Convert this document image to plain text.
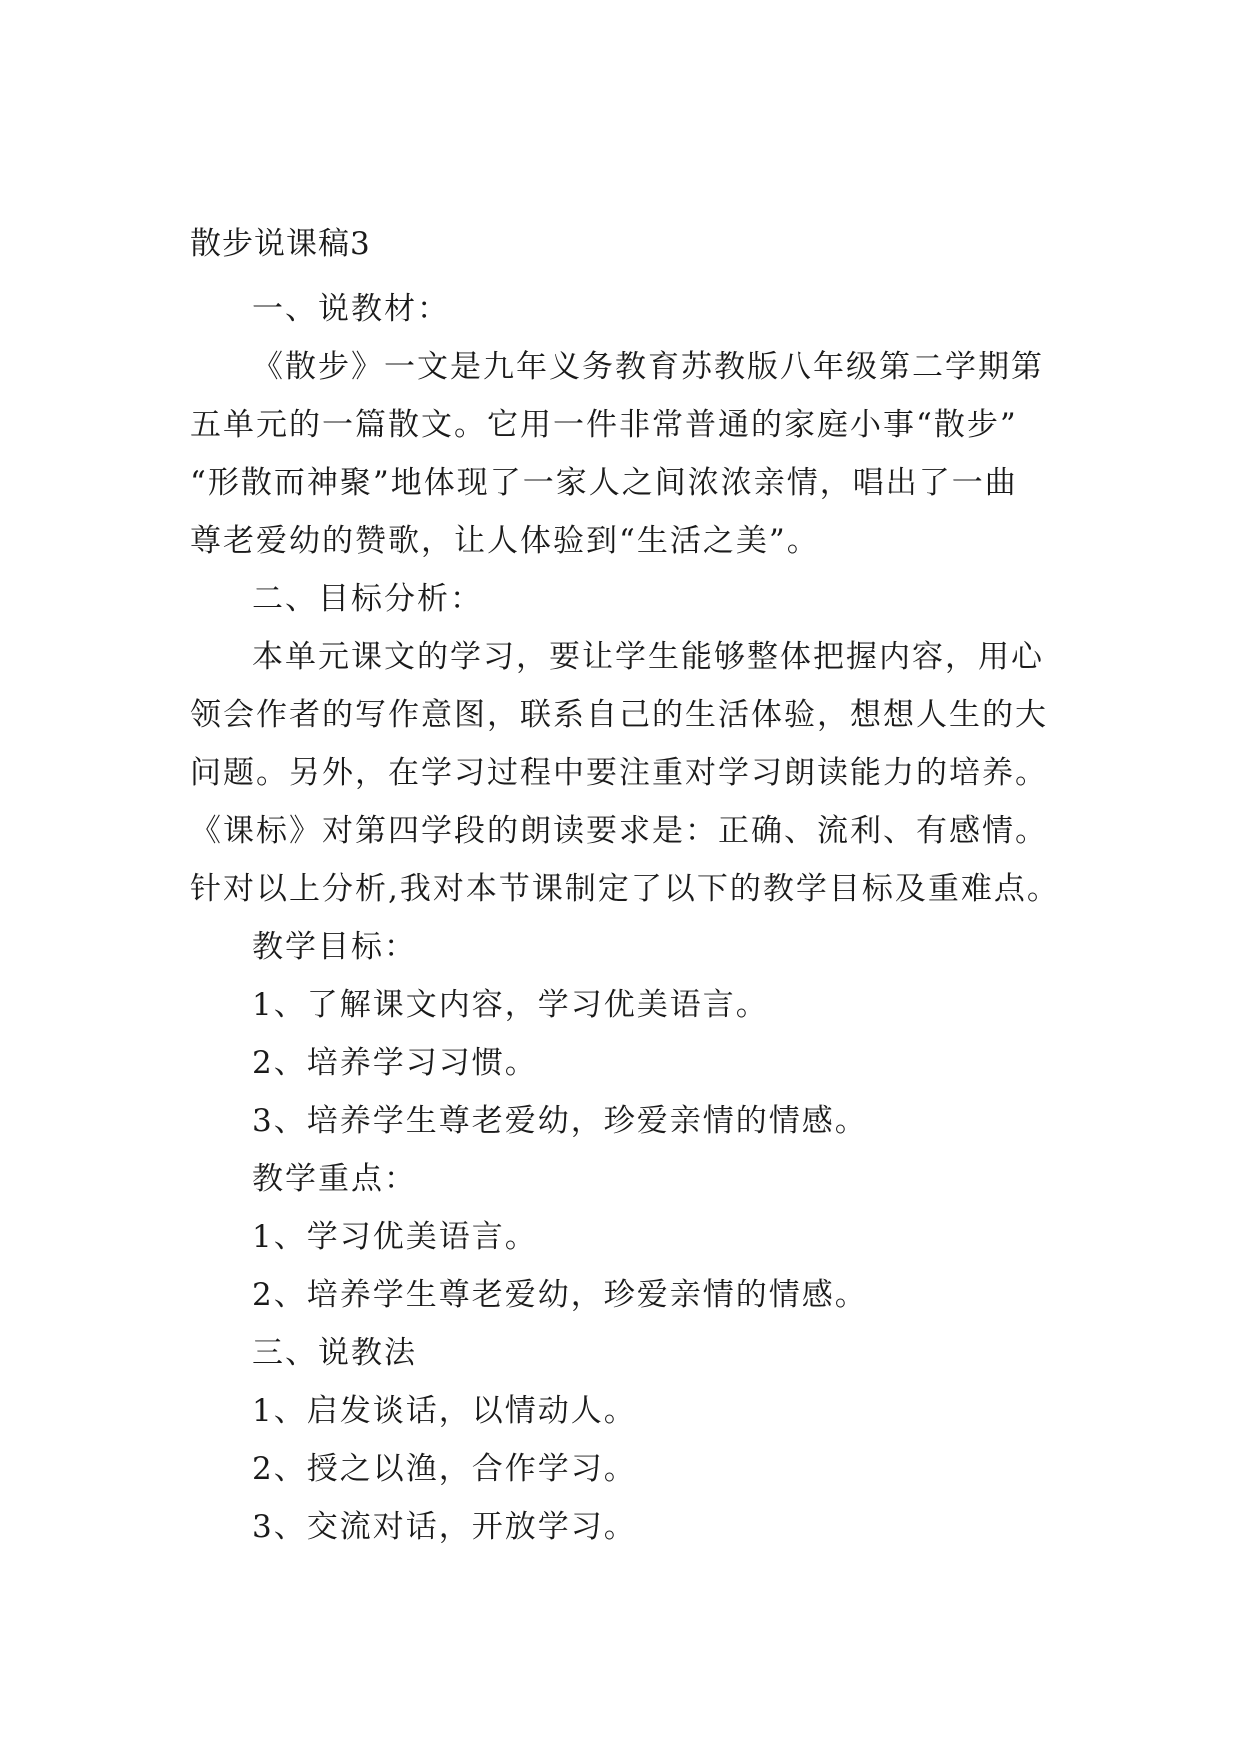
散步说课稿3

一、说教材：

《散步》一文是九年义务教育苏教版八年级第二学期第
五单元的一篇散文。它用一件非常普通的家庭小事“散步”
“形散而神聚”地体现了一家人之间浓浓亲情，唱出了一曲
尊老爱幼的赞歌，让人体验到“生活之美”。

二、目标分析：

本单元课文的学习，要让学生能够整体把握内容，用心
领会作者的写作意图，联系自己的生活体验，想想人生的大
问题。另外，在学习过程中要注重对学习朗读能力的培养。
《课标》对第四学段的朗读要求是：正确、流利、有感情。
针对以上分析,我对本节课制定了以下的教学目标及重难点。

教学目标：

1、了解课文内容，学习优美语言。

2、培养学习习惯。

3、培养学生尊老爱幼，珍爱亲情的情感。

教学重点：

1、学习优美语言。

2、培养学生尊老爱幼，珍爱亲情的情感。

三、说教法

1、启发谈话，以情动人。

2、授之以渔，合作学习。

3、交流对话，开放学习。
